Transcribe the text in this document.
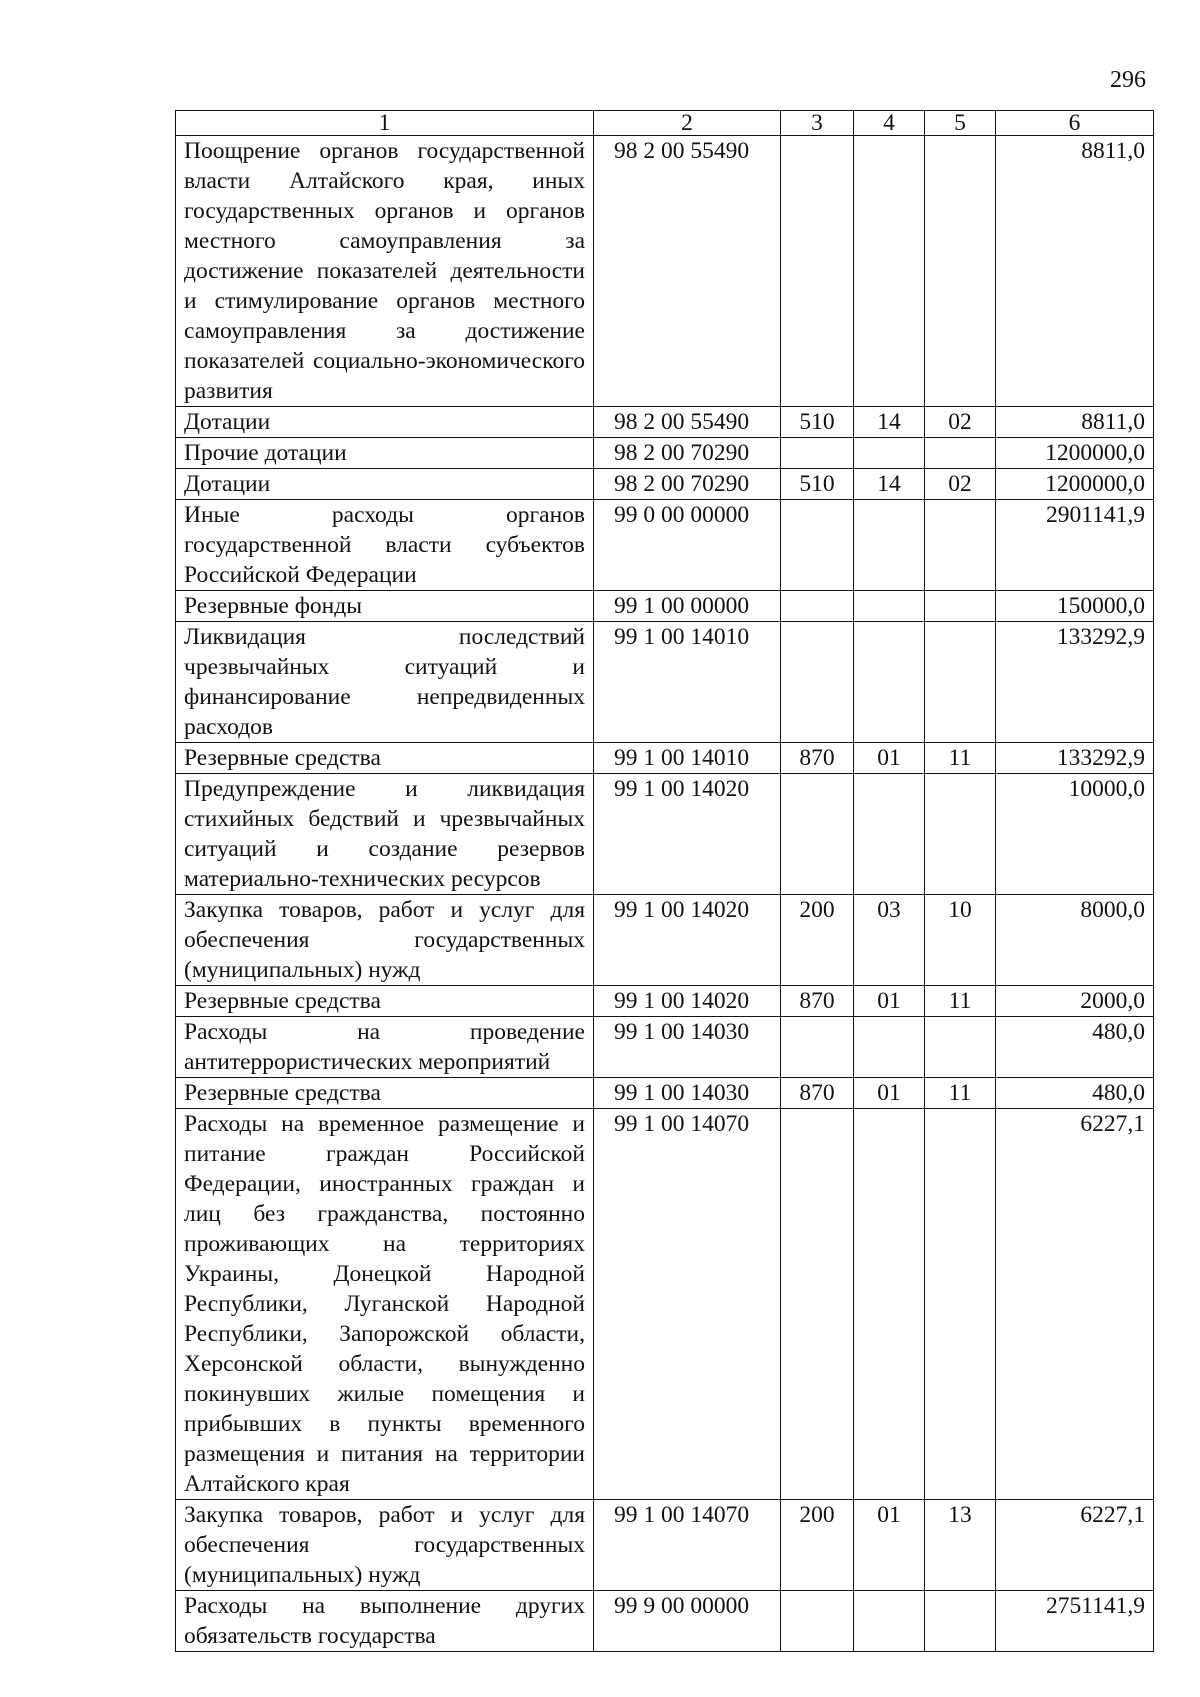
296
1	2	3	4	5	6
Поощрение органов государственной власти Алтайского края, иных государственных органов и органов местного самоуправления за достижение показателей деятельности и стимулирование органов местного самоуправления за достижение показателей социально-экономического развития	98 2 00 55490				8811,0
Дотации	98 2 00 55490	510	14	02	8811,0
Прочие дотации	98 2 00 70290				1200000,0
Дотации	98 2 00 70290	510	14	02	1200000,0
Иные расходы органов государственной власти субъектов Российской Федерации	99 0 00 00000				2901141,9
Резервные фонды	99 1 00 00000				150000,0
Ликвидация последствий чрезвычайных ситуаций и финансирование непредвиденных расходов	99 1 00 14010				133292,9
Резервные средства	99 1 00 14010	870	01	11	133292,9
Предупреждение и ликвидация стихийных бедствий и чрезвычайных ситуаций и создание резервов материально-технических ресурсов	99 1 00 14020				10000,0
Закупка товаров, работ и услуг для обеспечения государственных (муниципальных) нужд	99 1 00 14020	200	03	10	8000,0
Резервные средства	99 1 00 14020	870	01	11	2000,0
Расходы на проведение антитеррористических мероприятий	99 1 00 14030				480,0
Резервные средства	99 1 00 14030	870	01	11	480,0
Расходы на временное размещение и питание граждан Российской Федерации, иностранных граждан и лиц без гражданства, постоянно проживающих на территориях Украины, Донецкой Народной Республики, Луганской Народной Республики, Запорожской области, Херсонской области, вынужденно покинувших жилые помещения и прибывших в пункты временного размещения и питания на территории Алтайского края	99 1 00 14070				6227,1
Закупка товаров, работ и услуг для обеспечения государственных (муниципальных) нужд	99 1 00 14070	200	01	13	6227,1
Расходы на выполнение других обязательств государства	99 9 00 00000				2751141,9
